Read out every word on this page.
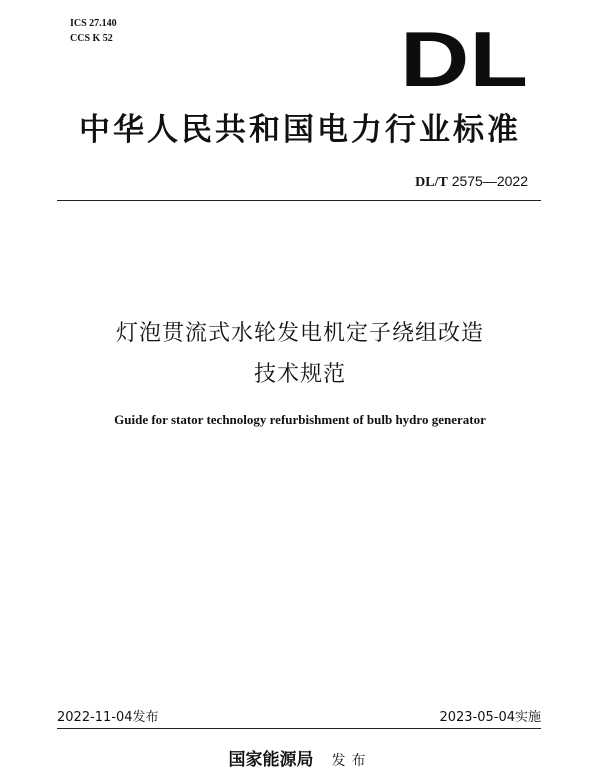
ICS 27.140
CCS K 52	DL
中华人民共和国电力行业标准
DL/T 2575—2022
灯泡贯流式水轮发电机定子绕组改造
技术规范
Guide for stator technology refurbishment of bulb hydro generator
2022-11-04发布	2023-05-04实施
国家能源局 发布
